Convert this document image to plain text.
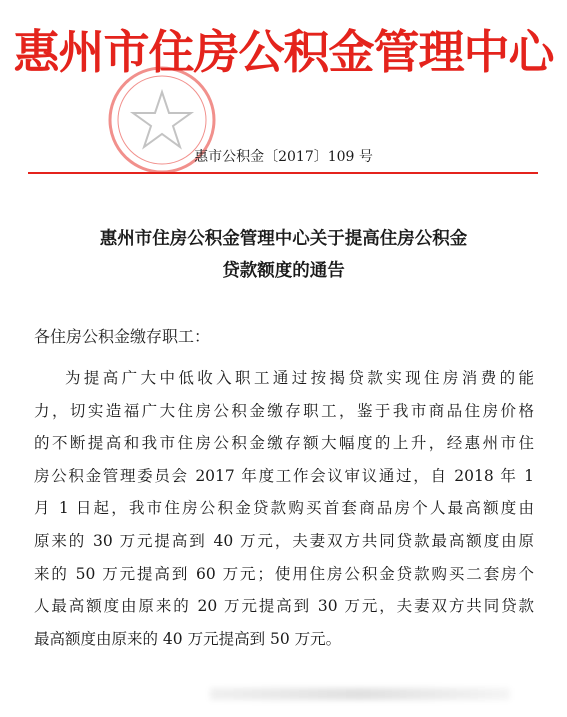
惠州市住房公积金管理中心
惠市公积金〔2017〕109 号
惠州市住房公积金管理中心关于提高住房公积金
贷款额度的通告
各住房公积金缴存职工：
为提高广大中低收入职工通过按揭贷款实现住房消费的能
力，切实造福广大住房公积金缴存职工，鉴于我市商品住房价格
的不断提高和我市住房公积金缴存额大幅度的上升，经惠州市住
房公积金管理委员会 2017 年度工作会议审议通过，自 2018 年 1
月 1 日起，我市住房公积金贷款购买首套商品房个人最高额度由
原来的 30 万元提高到 40 万元，夫妻双方共同贷款最高额度由原
来的 50 万元提高到 60 万元；使用住房公积金贷款购买二套房个
人最高额度由原来的 20 万元提高到 30 万元，夫妻双方共同贷款
最高额度由原来的 40 万元提高到 50 万元。
